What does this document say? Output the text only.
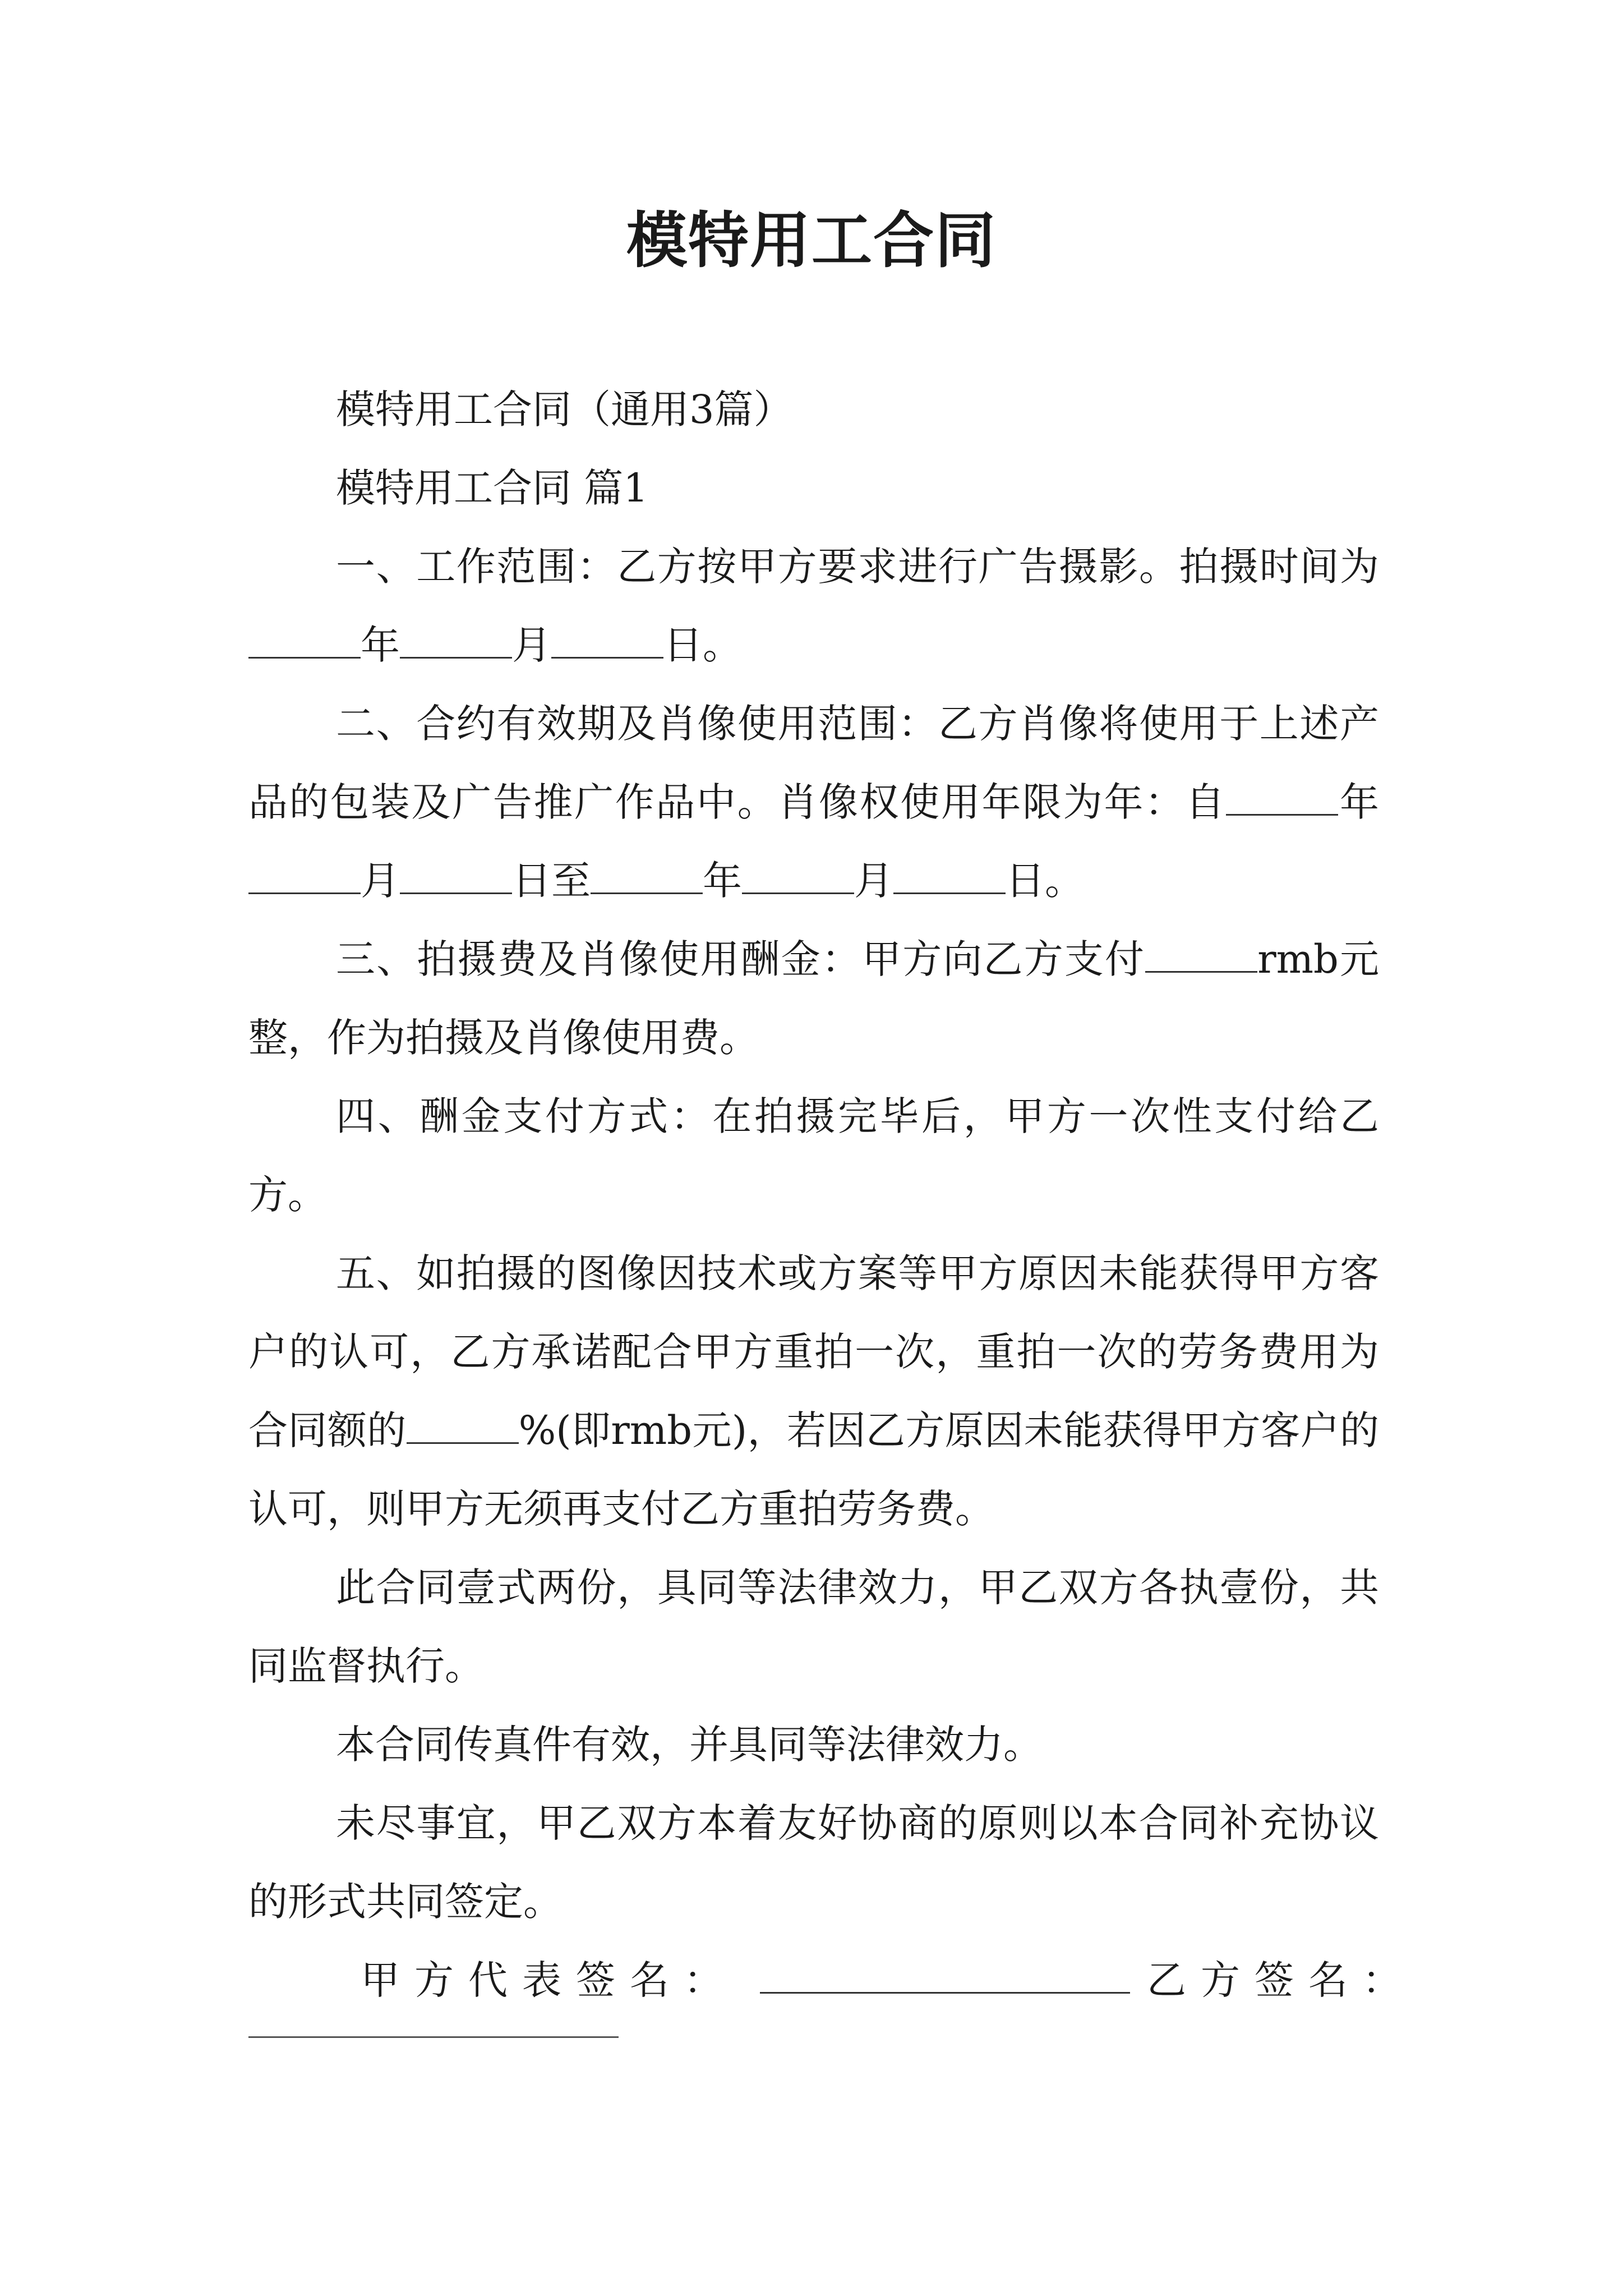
模特用工合同

模特用工合同（通用3篇）

模特用工合同 篇1

一、工作范围：乙方按甲方要求进行广告摄影。拍摄时间为年	月	日。

二、合约有效期及肖像使用范围：乙方肖像将使用于上述产品的包装及广告推广作品中。肖像权使用年限为年：自	年月	日至	年	月	日。

三、拍摄费及肖像使用酬金：甲方向乙方支付	rmb元整，作为拍摄及肖像使用费。

四、酬金支付方式：在拍摄完毕后，甲方一次性支付给乙方。

五、如拍摄的图像因技术或方案等甲方原因未能获得甲方客户的认可，乙方承诺配合甲方重拍一次，重拍一次的劳务费用为合同额的	%(即rmb元)，若因乙方原因未能获得甲方客户的认可，则甲方无须再支付乙方重拍劳务费。

此合同壹式两份，具同等法律效力，甲乙双方各执壹份，共同监督执行。

本合同传真件有效，并具同等法律效力。

未尽事宜，甲乙双方本着友好协商的原则以本合同补充协议的形式共同签定。

甲方代表签名：	乙方签名：
